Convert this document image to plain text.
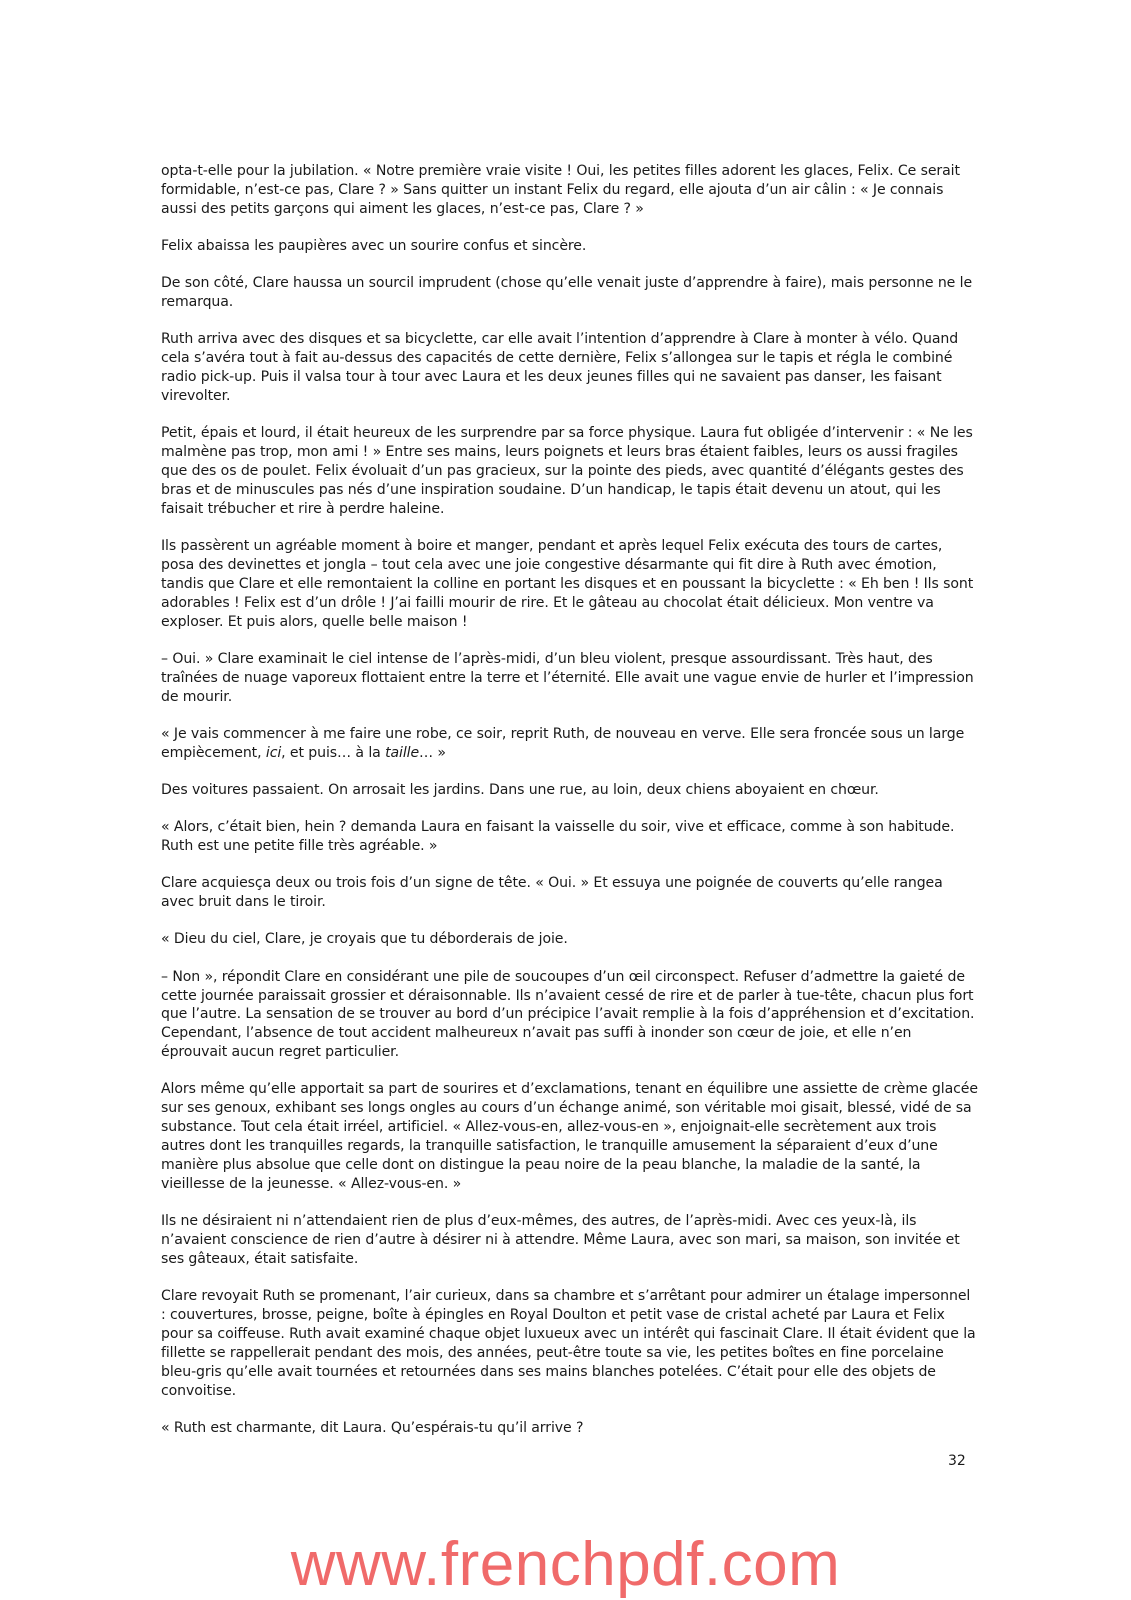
opta-t-elle pour la jubilation. « Notre première vraie visite ! Oui, les petites filles adorent les glaces, Felix. Ce serait formidable, n’est-ce pas, Clare ? » Sans quitter un instant Felix du regard, elle ajouta d’un air câlin : « Je connais aussi des petits garçons qui aiment les glaces, n’est-ce pas, Clare ? »

Felix abaissa les paupières avec un sourire confus et sincère.

De son côté, Clare haussa un sourcil imprudent (chose qu’elle venait juste d’apprendre à faire), mais personne ne le remarqua.

Ruth arriva avec des disques et sa bicyclette, car elle avait l’intention d’apprendre à Clare à monter à vélo. Quand cela s’avéra tout à fait au-dessus des capacités de cette dernière, Felix s’allongea sur le tapis et régla le combiné radio pick-up. Puis il valsa tour à tour avec Laura et les deux jeunes filles qui ne savaient pas danser, les faisant virevolter.

Petit, épais et lourd, il était heureux de les surprendre par sa force physique. Laura fut obligée d’intervenir : « Ne les malmène pas trop, mon ami ! » Entre ses mains, leurs poignets et leurs bras étaient faibles, leurs os aussi fragiles que des os de poulet. Felix évoluait d’un pas gracieux, sur la pointe des pieds, avec quantité d’élégants gestes des bras et de minuscules pas nés d’une inspiration soudaine. D’un handicap, le tapis était devenu un atout, qui les faisait trébucher et rire à perdre haleine.

Ils passèrent un agréable moment à boire et manger, pendant et après lequel Felix exécuta des tours de cartes, posa des devinettes et jongla – tout cela avec une joie congestive désarmante qui fit dire à Ruth avec émotion, tandis que Clare et elle remontaient la colline en portant les disques et en poussant la bicyclette : « Eh ben ! Ils sont adorables ! Felix est d’un drôle ! J’ai failli mourir de rire. Et le gâteau au chocolat était délicieux. Mon ventre va exploser. Et puis alors, quelle belle maison !

– Oui. » Clare examinait le ciel intense de l’après-midi, d’un bleu violent, presque assourdissant. Très haut, des traînées de nuage vaporeux flottaient entre la terre et l’éternité. Elle avait une vague envie de hurler et l’impression de mourir.

« Je vais commencer à me faire une robe, ce soir, reprit Ruth, de nouveau en verve. Elle sera froncée sous un large empiècement, ici, et puis… à la taille… »

Des voitures passaient. On arrosait les jardins. Dans une rue, au loin, deux chiens aboyaient en chœur.

« Alors, c’était bien, hein ? demanda Laura en faisant la vaisselle du soir, vive et efficace, comme à son habitude. Ruth est une petite fille très agréable. »

Clare acquiesça deux ou trois fois d’un signe de tête. « Oui. » Et essuya une poignée de couverts qu’elle rangea avec bruit dans le tiroir.

« Dieu du ciel, Clare, je croyais que tu déborderais de joie.

– Non », répondit Clare en considérant une pile de soucoupes d’un œil circonspect. Refuser d’admettre la gaieté de cette journée paraissait grossier et déraisonnable. Ils n’avaient cessé de rire et de parler à tue-tête, chacun plus fort que l’autre. La sensation de se trouver au bord d’un précipice l’avait remplie à la fois d’appréhension et d’excitation. Cependant, l’absence de tout accident malheureux n’avait pas suffi à inonder son cœur de joie, et elle n’en éprouvait aucun regret particulier.

Alors même qu’elle apportait sa part de sourires et d’exclamations, tenant en équilibre une assiette de crème glacée sur ses genoux, exhibant ses longs ongles au cours d’un échange animé, son véritable moi gisait, blessé, vidé de sa substance. Tout cela était irréel, artificiel. « Allez-vous-en, allez-vous-en », enjoignait-elle secrètement aux trois autres dont les tranquilles regards, la tranquille satisfaction, le tranquille amusement la séparaient d’eux d’une manière plus absolue que celle dont on distingue la peau noire de la peau blanche, la maladie de la santé, la vieillesse de la jeunesse. « Allez-vous-en. »

Ils ne désiraient ni n’attendaient rien de plus d’eux-mêmes, des autres, de l’après-midi. Avec ces yeux-là, ils n’avaient conscience de rien d’autre à désirer ni à attendre. Même Laura, avec son mari, sa maison, son invitée et ses gâteaux, était satisfaite.

Clare revoyait Ruth se promenant, l’air curieux, dans sa chambre et s’arrêtant pour admirer un étalage impersonnel : couvertures, brosse, peigne, boîte à épingles en Royal Doulton et petit vase de cristal acheté par Laura et Felix pour sa coiffeuse. Ruth avait examiné chaque objet luxueux avec un intérêt qui fascinait Clare. Il était évident que la fillette se rappellerait pendant des mois, des années, peut-être toute sa vie, les petites boîtes en fine porcelaine bleu-gris qu’elle avait tournées et retournées dans ses mains blanches potelées. C’était pour elle des objets de convoitise.

« Ruth est charmante, dit Laura. Qu’espérais-tu qu’il arrive ?

32
www.frenchpdf.com
